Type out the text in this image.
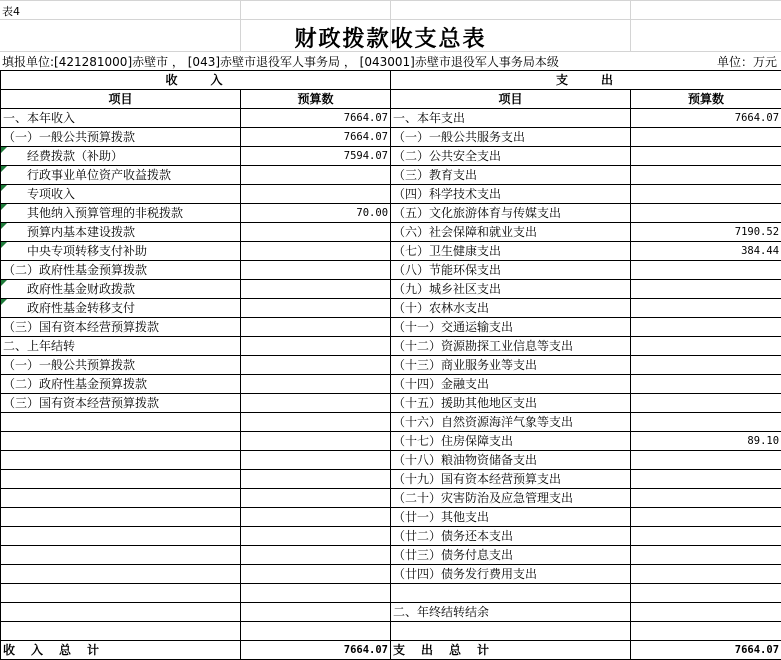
表4
财政拨款收支总表
填报单位:[421281000]赤壁市 ， [043]赤壁市退役军人事务局 ， [043001]赤壁市退役军人事务局本级	单位：万元
收　　入		支　　出	
项目	预算数	项目	预算数
一、本年收入	7664.07	一、本年支出	7664.07
（一）一般公共预算拨款	7664.07	（一）一般公共服务支出	
经费拨款（补助）	7594.07	（二）公共安全支出	
行政事业单位资产收益拨款		（三）教育支出	
专项收入		（四）科学技术支出	
其他纳入预算管理的非税拨款	70.00	（五）文化旅游体育与传媒支出	
预算内基本建设拨款		（六）社会保障和就业支出	7190.52
中央专项转移支付补助		（七）卫生健康支出	384.44
（二）政府性基金预算拨款		（八）节能环保支出	
政府性基金财政拨款		（九）城乡社区支出	
政府性基金转移支付		（十）农林水支出	
（三）国有资本经营预算拨款		（十一）交通运输支出	
二、上年结转		（十二）资源勘探工业信息等支出	
（一）一般公共预算拨款		（十三）商业服务业等支出	
（二）政府性基金预算拨款		（十四）金融支出	
（三）国有资本经营预算拨款		（十五）援助其他地区支出	
		（十六）自然资源海洋气象等支出	
		（十七）住房保障支出	89.10
		（十八）粮油物资储备支出	
		（十九）国有资本经营预算支出	
		（二十）灾害防治及应急管理支出	
		（廿一）其他支出	
		（廿二）债务还本支出	
		（廿三）债务付息支出	
		（廿四）债务发行费用支出	

		二、年终结转结余	

收　入　总　计	7664.07	支　出　总　计	7664.07
